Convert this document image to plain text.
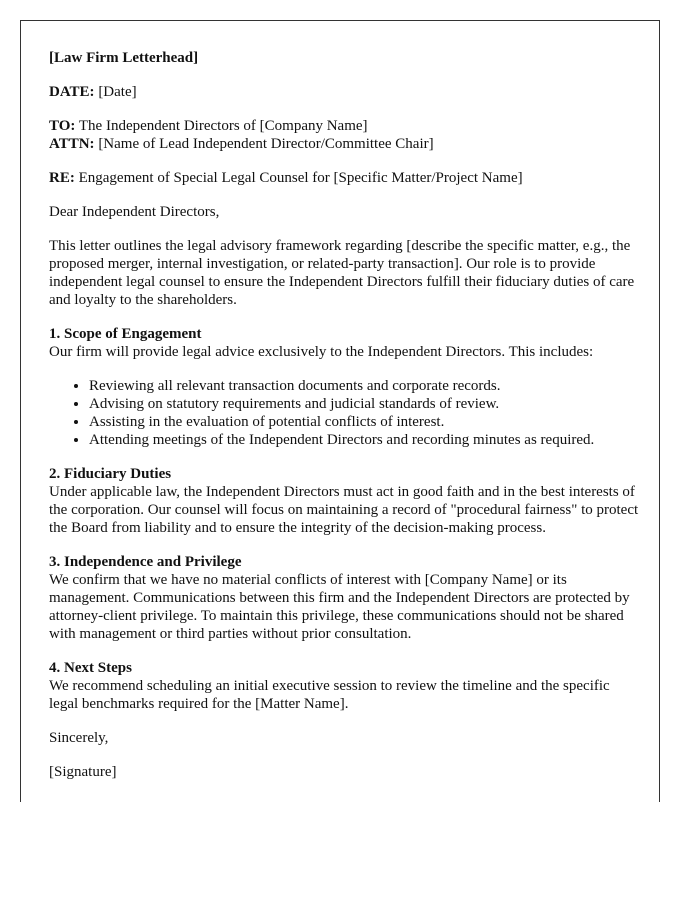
[Law Firm Letterhead]

DATE: [Date]

TO: The Independent Directors of [Company Name]
ATTN: [Name of Lead Independent Director/Committee Chair]

RE: Engagement of Special Legal Counsel for [Specific Matter/Project Name]

Dear Independent Directors,

This letter outlines the legal advisory framework regarding [describe the specific matter, e.g., the proposed merger, internal investigation, or related-party transaction]. Our role is to provide independent legal counsel to ensure the Independent Directors fulfill their fiduciary duties of care and loyalty to the shareholders.

1. Scope of Engagement

Our firm will provide legal advice exclusively to the Independent Directors. This includes:

• Reviewing all relevant transaction documents and corporate records.
• Advising on statutory requirements and judicial standards of review.
• Assisting in the evaluation of potential conflicts of interest.
• Attending meetings of the Independent Directors and recording minutes as required.
2. Fiduciary Duties

Under applicable law, the Independent Directors must act in good faith and in the best interests of the corporation. Our counsel will focus on maintaining a record of "procedural fairness" to protect the Board from liability and to ensure the integrity of the decision-making process.

3. Independence and Privilege

We confirm that we have no material conflicts of interest with [Company Name] or its management. Communications between this firm and the Independent Directors are protected by attorney-client privilege. To maintain this privilege, these communications should not be shared with management or third parties without prior consultation.

4. Next Steps

We recommend scheduling an initial executive session to review the timeline and the specific legal benchmarks required for the [Matter Name].

Sincerely,

[Signature]
